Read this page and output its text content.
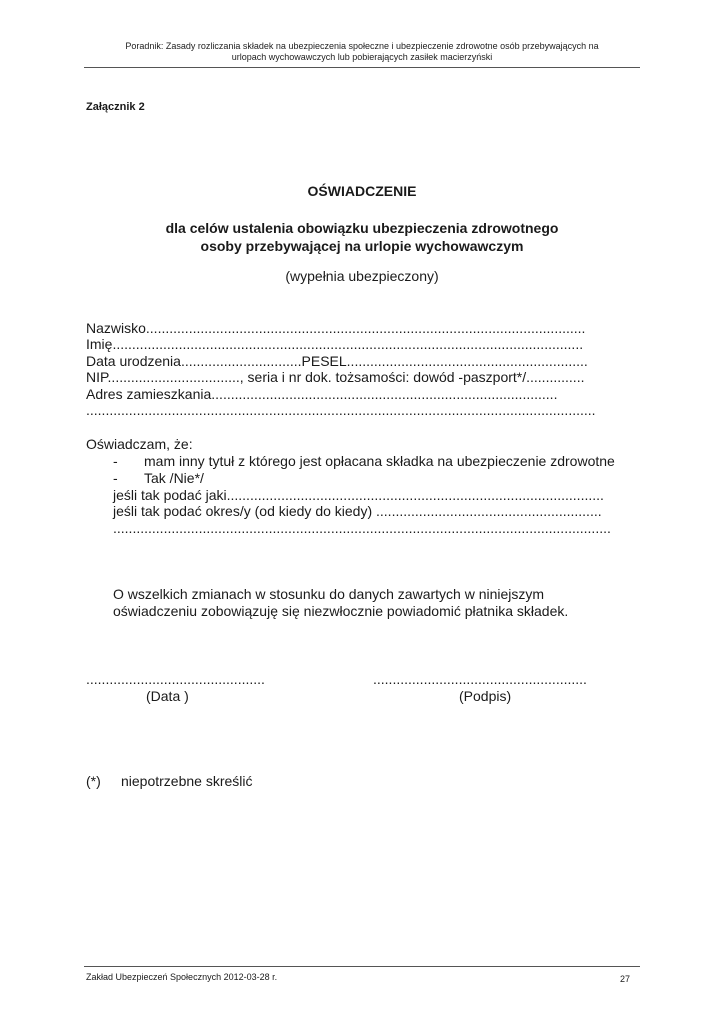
Poradnik: Zasady rozliczania składek na ubezpieczenia społeczne i ubezpieczenie zdrowotne osób przebywających na
urlopach wychowawczych lub pobierających zasiłek macierzyński
Załącznik 2
OŚWIADCZENIE
dla celów ustalenia obowiązku ubezpieczenia zdrowotnego
osoby przebywającej na urlopie wychowawczym
(wypełnia ubezpieczony)
Nazwisko.................................................................................................................
Imię.........................................................................................................................
Data urodzenia...............................PESEL..............................................................
NIP.................................., seria i nr dok. tożsamości: dowód -paszport*/...............
Adres zamieszkania.........................................................................................
...................................................................................................................................
Oświadczam, że:
- mam inny tytuł z którego jest opłacana składka na ubezpieczenie zdrowotne
- Tak /Nie*/
jeśli tak podać jaki.................................................................................................
jeśli tak podać okres/y (od kiedy do kiedy) ..........................................................
................................................................................................................................
O wszelkich zmianach w stosunku do danych zawartych w niniejszym
oświadczeniu zobowiązuję się niezwłocznie powiadomić płatnika składek.
..............................................
(Data )
.......................................................
(Podpis)
(*) niepotrzebne skreślić
Zakład Ubezpieczeń Społecznych 2012-03-28 r.	27
